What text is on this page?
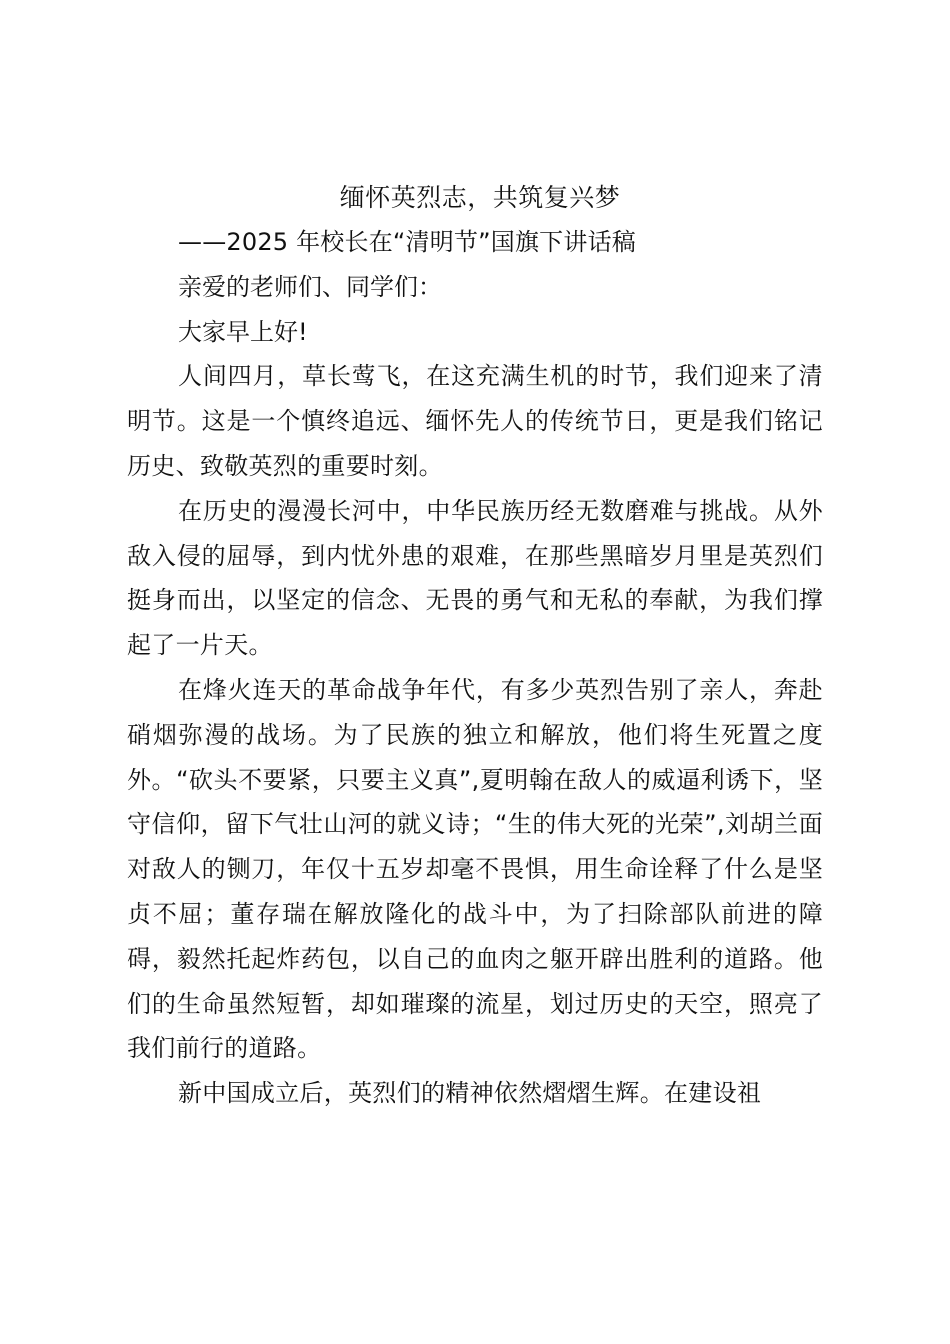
缅怀英烈志，共筑复兴梦

——2025 年校长在“清明节”国旗下讲话稿

亲爱的老师们、同学们：

大家早上好!

人间四月，草长莺飞，在这充满生机的时节，我们迎来了清明节。这是一个慎终追远、缅怀先人的传统节日，更是我们铭记历史、致敬英烈的重要时刻。

在历史的漫漫长河中，中华民族历经无数磨难与挑战。从外敌入侵的屈辱，到内忧外患的艰难，在那些黑暗岁月里是英烈们挺身而出，以坚定的信念、无畏的勇气和无私的奉献，为我们撑起了一片天。

在烽火连天的革命战争年代，有多少英烈告别了亲人，奔赴硝烟弥漫的战场。为了民族的独立和解放，他们将生死置之度外。“砍头不要紧，只要主义真”,夏明翰在敌人的威逼利诱下，坚守信仰，留下气壮山河的就义诗；“生的伟大死的光荣”,刘胡兰面对敌人的铡刀，年仅十五岁却毫不畏惧，用生命诠释了什么是坚贞不屈；董存瑞在解放隆化的战斗中，为了扫除部队前进的障碍，毅然托起炸药包，以自己的血肉之躯开辟出胜利的道路。他们的生命虽然短暂，却如璀璨的流星，划过历史的天空，照亮了我们前行的道路。

新中国成立后，英烈们的精神依然熠熠生辉。在建设祖
